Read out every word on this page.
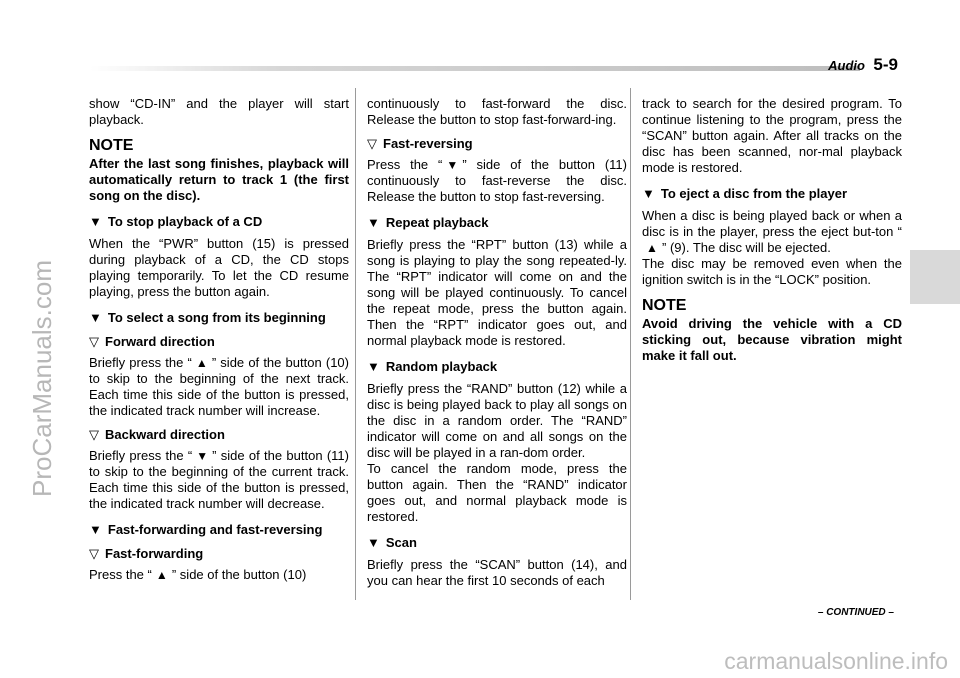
ProCarManuals.com
Audio 5-9

show “CD-IN” and the player will start playback.

NOTE

After the last song finishes, playback will automatically return to track 1 (the first song on the disc).

▼ To stop playback of a CD

When the “PWR” button (15) is pressed during playback of a CD, the CD stops playing temporarily. To let the CD resume playing, press the button again.

▼ To select a song from its beginning
▽ Forward direction

Briefly press the “ ▲ ” side of the button (10) to skip to the beginning of the next track. Each time this side of the button is pressed, the indicated track number will increase.

▽ Backward direction

Briefly press the “ ▼ ” side of the button (11) to skip to the beginning of the current track. Each time this side of the button is pressed, the indicated track number will decrease.

▼ Fast-forwarding and fast-reversing
▽ Fast-forwarding

Press the “ ▲ ” side of the button (10)

continuously to fast-forward the disc. Release the button to stop fast-forward-ing.

▽ Fast-reversing

Press the “ ▼ ” side of the button (11) continuously to fast-reverse the disc. Release the button to stop fast-reversing.

▼ Repeat playback

Briefly press the “RPT” button (13) while a song is playing to play the song repeated-ly. The “RPT” indicator will come on and the song will be played continuously. To cancel the repeat mode, press the button again. Then the “RPT” indicator goes out, and normal playback mode is restored.

▼ Random playback

Briefly press the “RAND” button (12) while a disc is being played back to play all songs on the disc in a random order. The “RAND” indicator will come on and all songs on the disc will be played in a ran-dom order.

To cancel the random mode, press the button again. Then the “RAND” indicator goes out, and normal playback mode is restored.

▼ Scan

Briefly press the “SCAN” button (14), and you can hear the first 10 seconds of each

track to search for the desired program. To continue listening to the program, press the “SCAN” button again. After all tracks on the disc has been scanned, nor-mal playback mode is restored.

▼ To eject a disc from the player

When a disc is being played back or when a disc is in the player, press the eject but-ton “▲ ” (9). The disc will be ejected.

The disc may be removed even when the ignition switch is in the “LOCK” position.

NOTE

Avoid driving the vehicle with a CD sticking out, because vibration might make it fall out.

– CONTINUED –
carmanualsonline.info
